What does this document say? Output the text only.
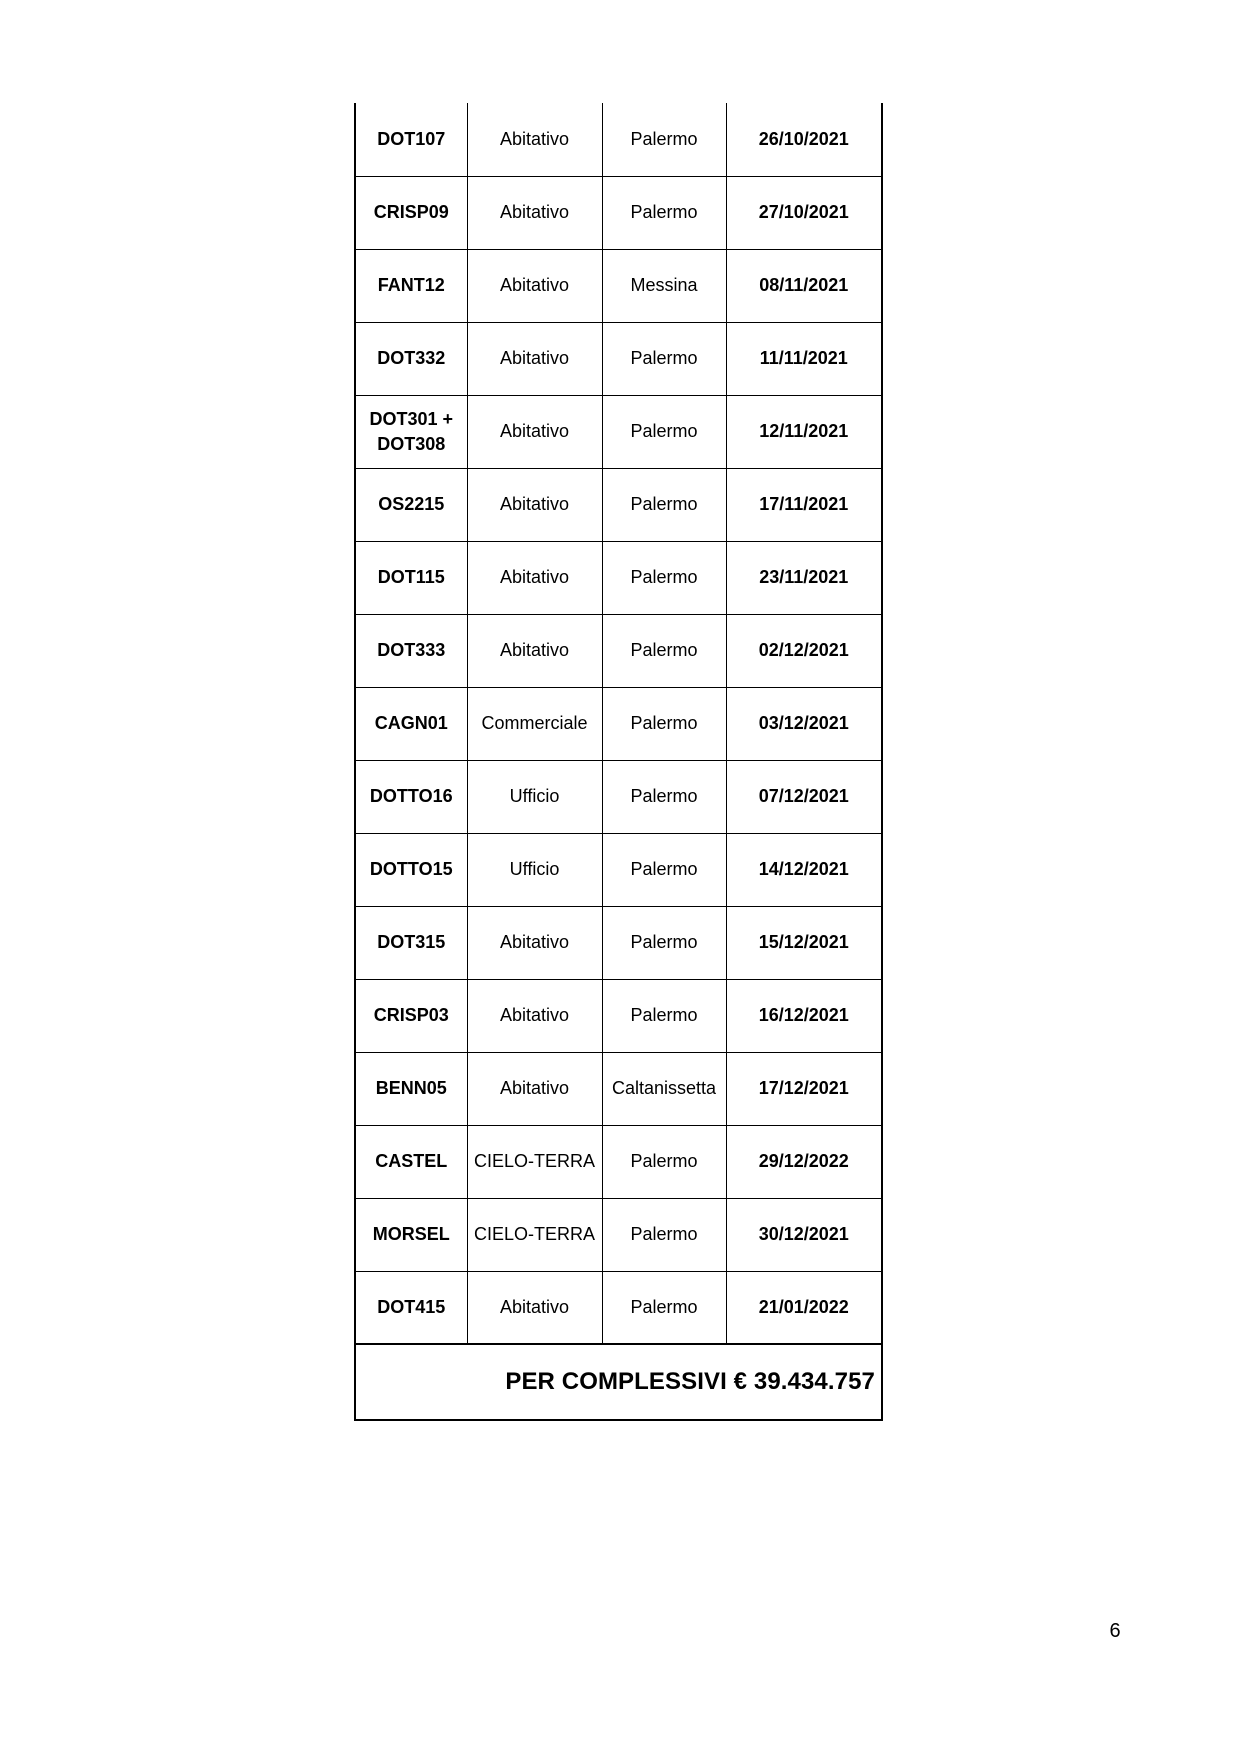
DOT107	Abitativo	Palermo	26/10/2021
CRISP09	Abitativo	Palermo	27/10/2021
FANT12	Abitativo	Messina	08/11/2021
DOT332	Abitativo	Palermo	11/11/2021
DOT301 + DOT308	Abitativo	Palermo	12/11/2021
OS2215	Abitativo	Palermo	17/11/2021
DOT115	Abitativo	Palermo	23/11/2021
DOT333	Abitativo	Palermo	02/12/2021
CAGN01	Commerciale	Palermo	03/12/2021
DOTTO16	Ufficio	Palermo	07/12/2021
DOTTO15	Ufficio	Palermo	14/12/2021
DOT315	Abitativo	Palermo	15/12/2021
CRISP03	Abitativo	Palermo	16/12/2021
BENN05	Abitativo	Caltanissetta	17/12/2021
CASTEL	CIELO-TERRA	Palermo	29/12/2022
MORSEL	CIELO-TERRA	Palermo	30/12/2021
DOT415	Abitativo	Palermo	21/01/2022
PER COMPLESSIVI € 39.434.757
6
